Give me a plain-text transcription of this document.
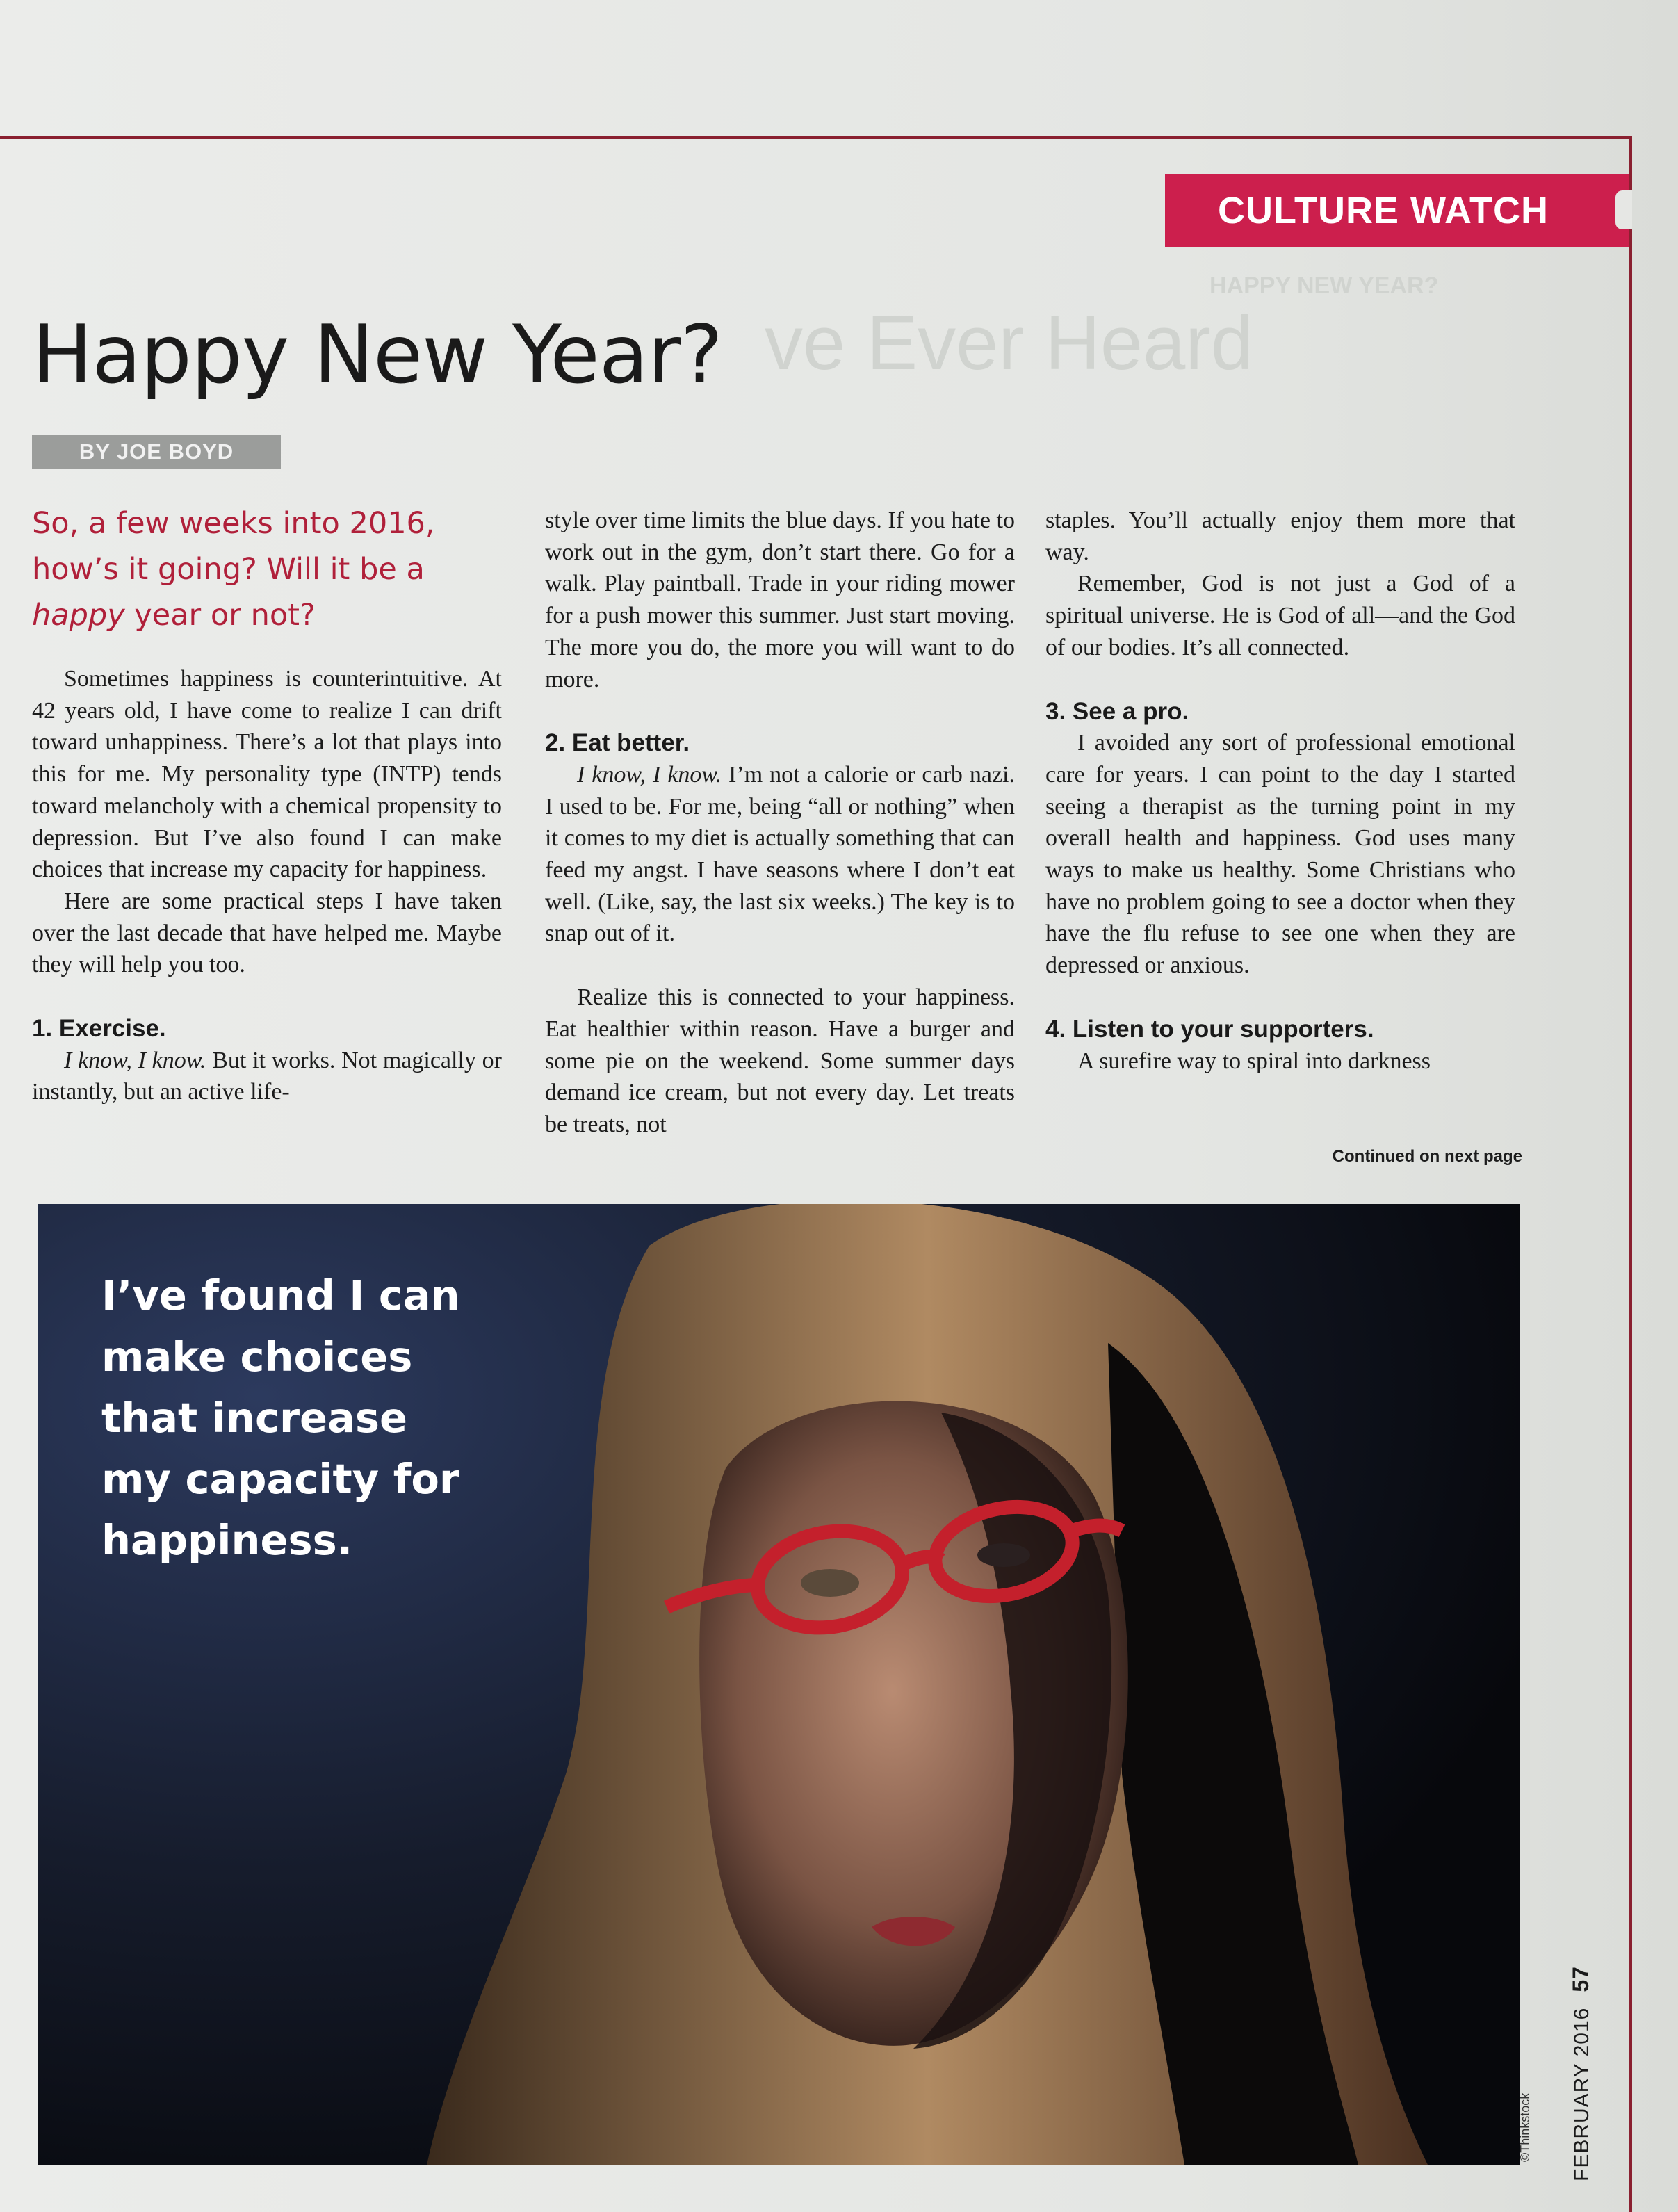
ve Ever Heard
HAPPY NEW YEAR?
CULTURE WATCH
Happy New Year?
BY JOE BOYD
So, a few weeks into 2016,
how’s it going? Will it be a
happy year or not?

Sometimes happiness is counterintuitive. At 42 years old, I have come to realize I can drift toward unhappiness. There’s a lot that plays into this for me. My personality type (INTP) tends toward melancholy with a chemical propensity to depression. But I’ve also found I can make choices that increase my capacity for happiness.

Here are some practical steps I have taken over the last decade that have helped me. Maybe they will help you too.

1. Exercise.

I know, I know. But it works. Not magically or instantly, but an active life-

style over time limits the blue days. If you hate to work out in the gym, don’t start there. Go for a walk. Play paintball. Trade in your riding mower for a push mower this summer. Just start moving. The more you do, the more you will want to do more.

2. Eat better.

I know, I know. I’m not a calorie or carb nazi. I used to be. For me, being “all or nothing” when it comes to my diet is actually something that can feed my angst. I have seasons where I don’t eat well. (Like, say, the last six weeks.) The key is to snap out of it.

Realize this is connected to your happiness. Eat healthier within reason. Have a burger and some pie on the weekend. Some summer days demand ice cream, but not every day. Let treats be treats, not

staples. You’ll actually enjoy them more that way.

Remember, God is not just a God of a spiritual universe. He is God of all—and the God of our bodies. It’s all connected.

3. See a pro.

I avoided any sort of professional emotional care for years. I can point to the day I started seeing a therapist as the turning point in my overall health and happiness. God uses many ways to make us healthy. Some Christians who have no problem going to see a doctor when they have the flu refuse to see one when they are depressed or anxious.

4. Listen to your supporters.

A surefire way to spiral into darkness

Continued on next page
I’ve found I can make choices that increase my capacity for happiness.
©Thinkstock FEBRUARY 201657
